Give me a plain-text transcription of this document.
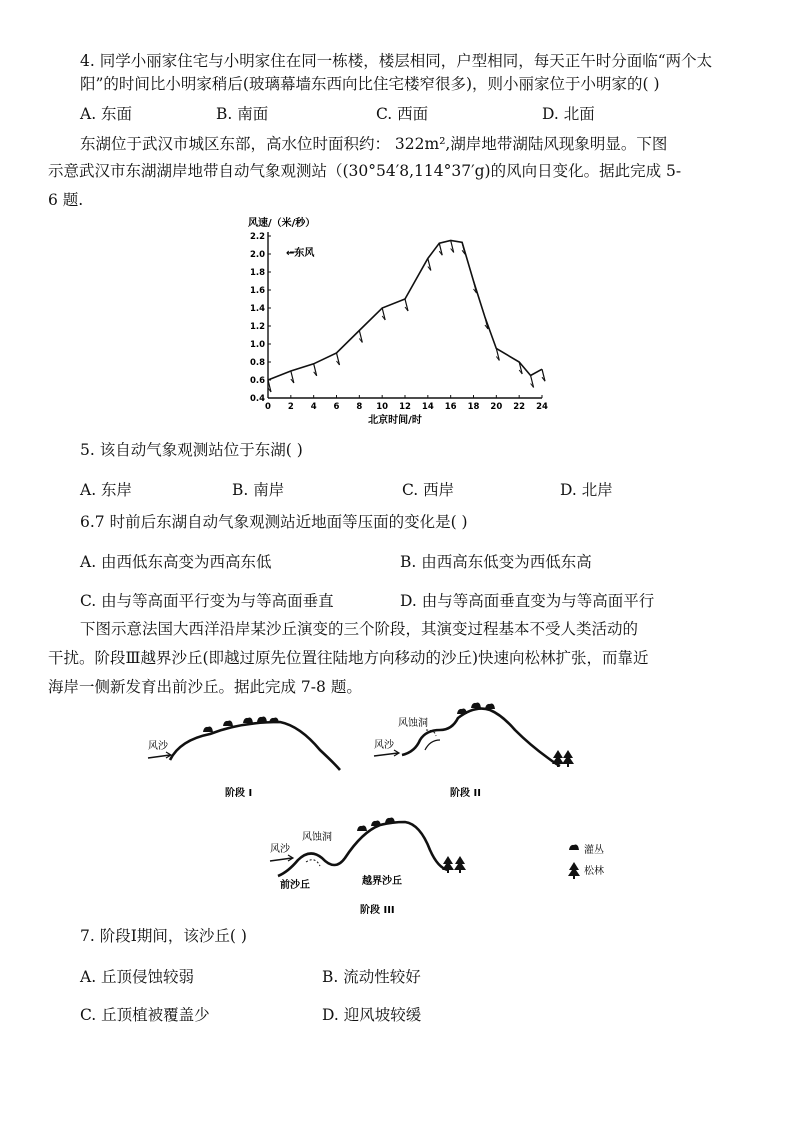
4. 同学小丽家住宅与小明家住在同一栋楼，楼层相同，户型相同，每天正午时分面临“两个太
阳”的时间比小明家稍后(玻璃幕墙东西向比住宅楼窄很多)，则小丽家位于小明家的( )
A. 东面	B. 南面	C. 西面	D. 北面
东湖位于武汉市城区东部，高水位时面积约： 322m²,湖岸地带湖陆风现象明显。下图
示意武汉市东湖湖岸地带自动气象观测站（(30°54′8,114°37′g)的风向日变化。据此完成 5-
6 题.
风速/（米/秒）
←东风
0 2 4 6 8 10 12 14 16 18 20 22 24
0.4
0.6
0.8
1.0
1.2
1.4
1.6
1.8
2.0
2.2
北京时间/时
5. 该自动气象观测站位于东湖( )
A. 东岸	B. 南岸	C. 西岸	D. 北岸
6.7 时前后东湖自动气象观测站近地面等压面的变化是( )
A. 由西低东高变为西高东低	B. 由西高东低变为西低东高
C. 由与等高面平行变为与等高面垂直	D. 由与等高面垂直变为与等高面平行
下图示意法国大西洋沿岸某沙丘演变的三个阶段，其演变过程基本不受人类活动的
干扰。阶段Ⅲ越界沙丘(即越过原先位置往陆地方向移动的沙丘)快速向松林扩张，而靠近
海岸一侧新发育出前沙丘。据此完成 7-8 题。
风沙
阶段 I
风蚀洞
风沙
阶段 II
风蚀洞
风沙
前沙丘	越界沙丘
阶段 III
灌丛
松林
7. 阶段Ⅰ期间，该沙丘( )
A. 丘顶侵蚀较弱	B. 流动性较好
C. 丘顶植被覆盖少	D. 迎风坡较缓
